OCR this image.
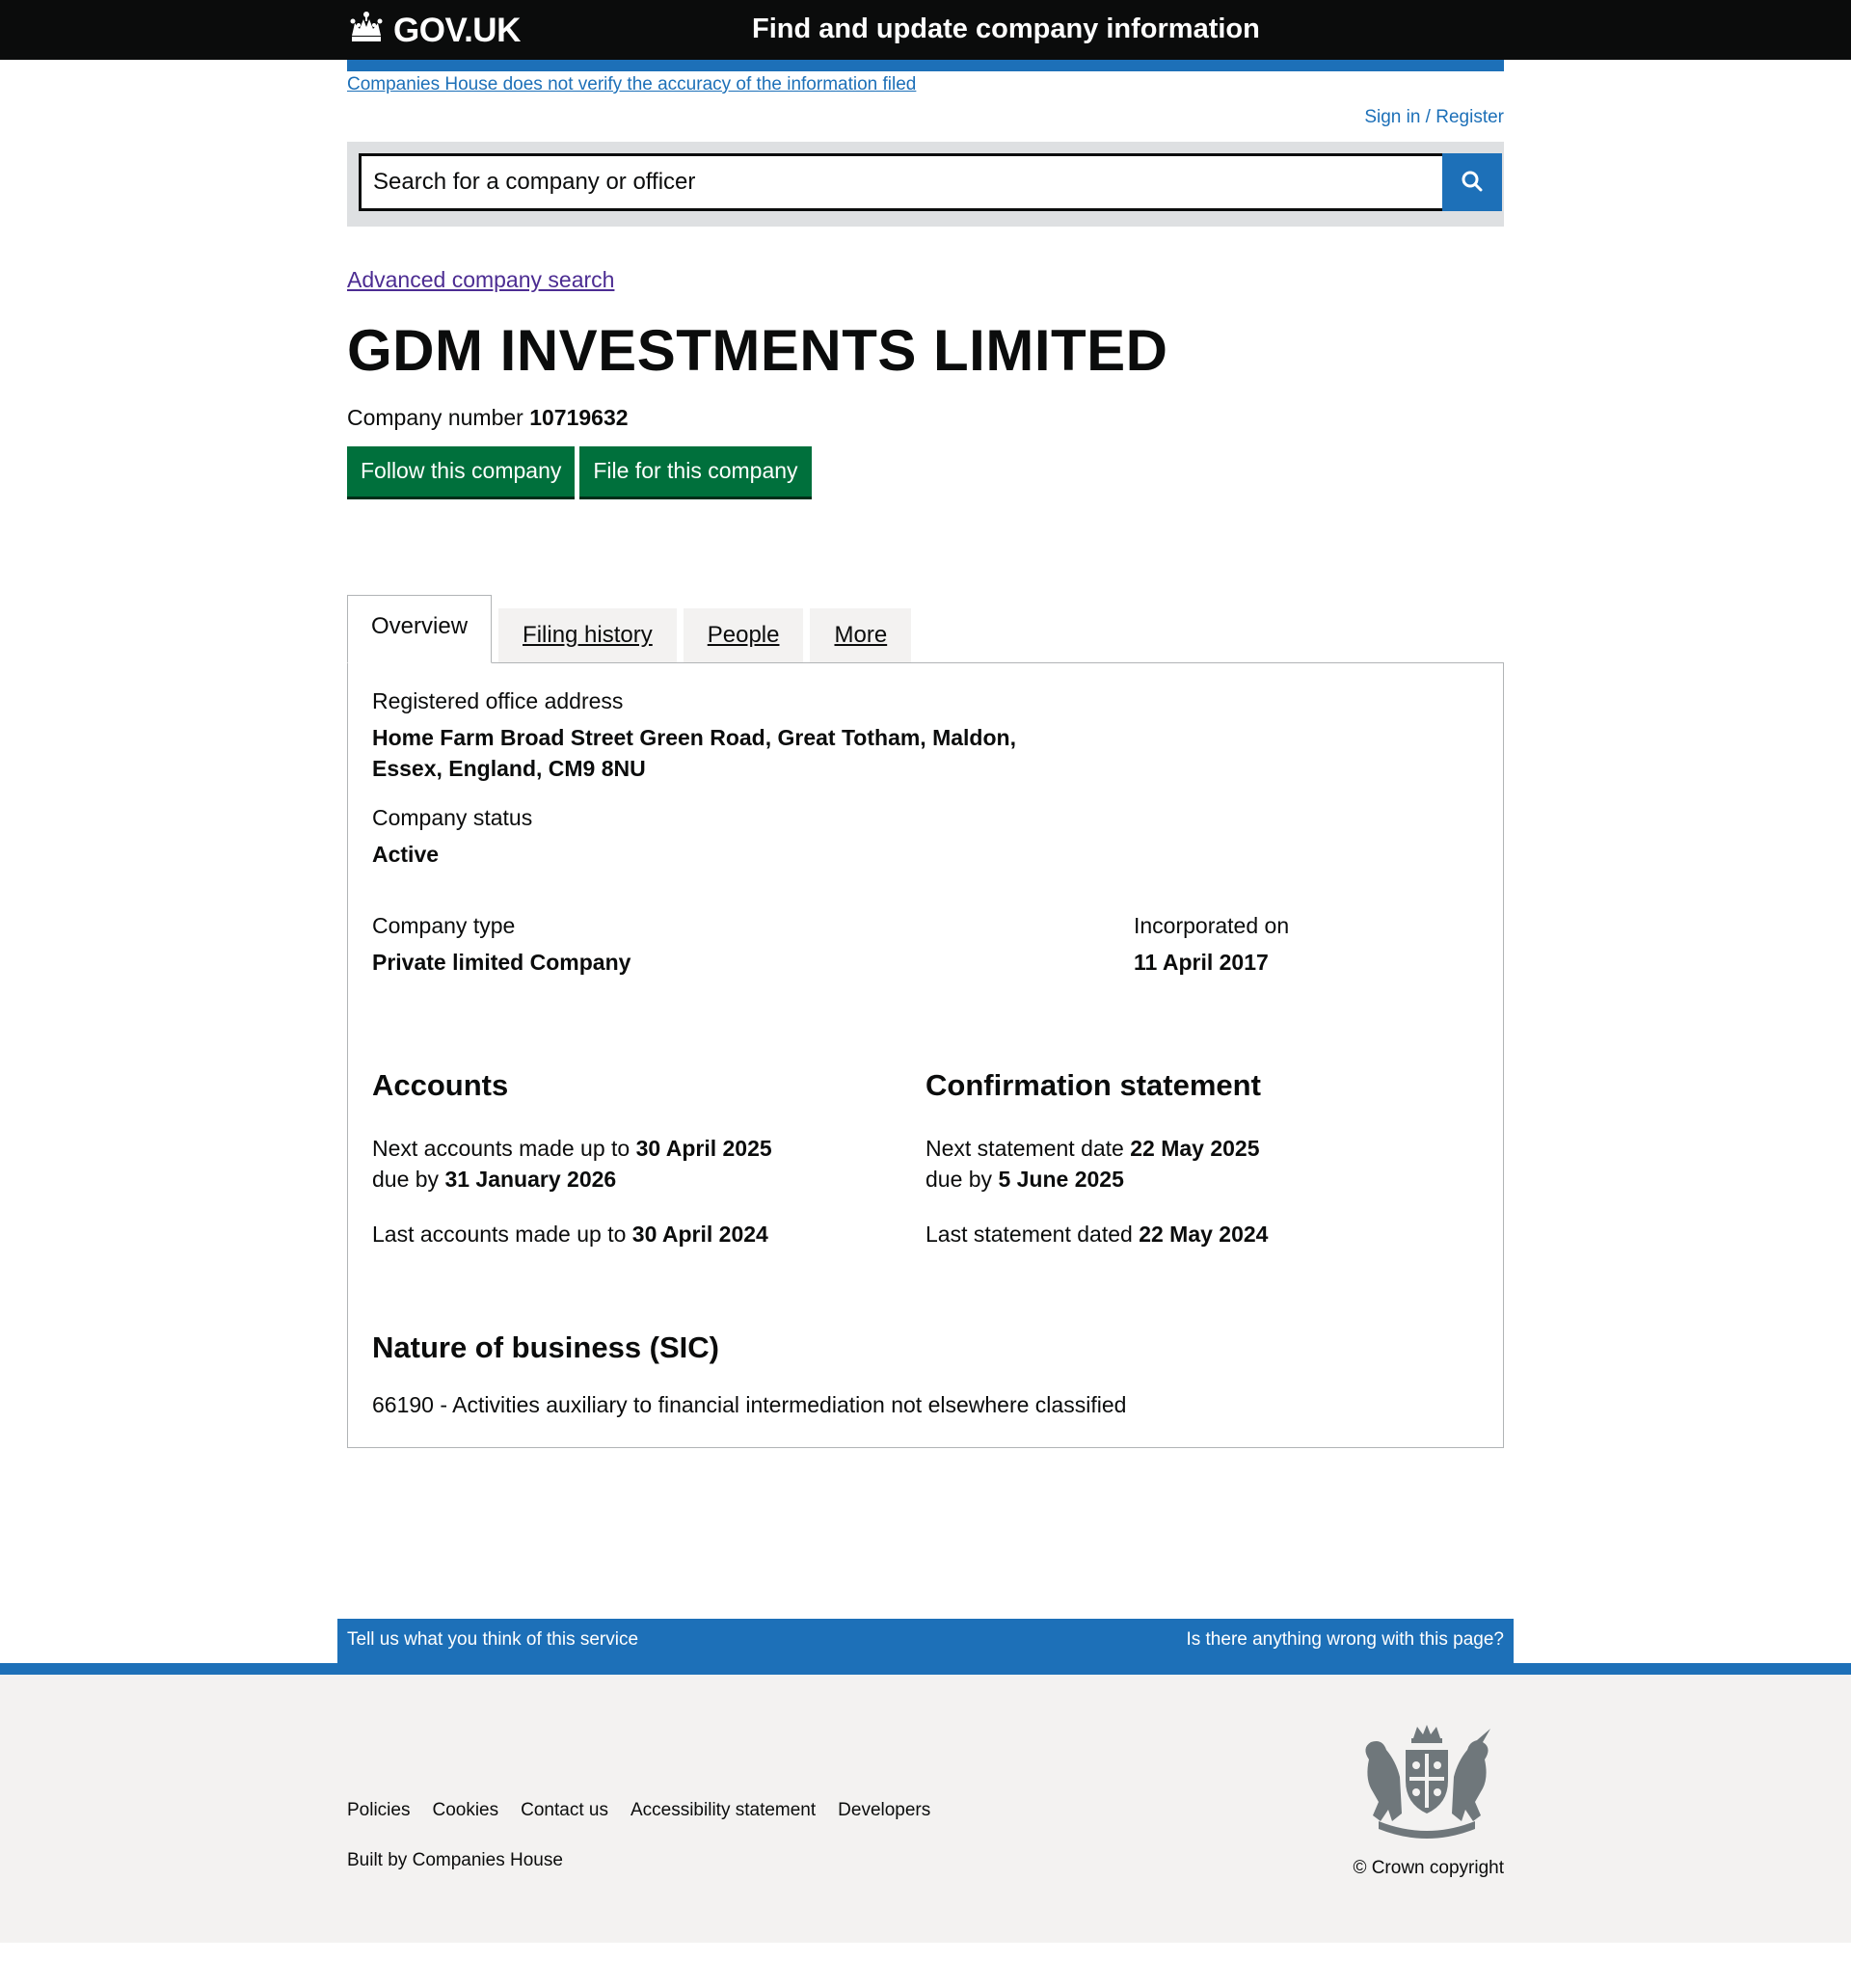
GOV.UK	Find and update company information
Companies House does not verify the accuracy of the information filed
Sign in / Register
Search for a company or officer
Advanced company search
GDM INVESTMENTS LIMITED
Company number 10719632
Follow this company	File for this company
Overview	Filing history	People	More
Registered office address
Home Farm Broad Street Green Road, Great Totham, Maldon,
Essex, England, CM9 8NU
Company status
Active
Company type
Private limited Company
Incorporated on
11 April 2017
Accounts

Next accounts made up to 30 April 2025
due by 31 January 2026

Last accounts made up to 30 April 2024

Confirmation statement

Next statement date 22 May 2025
due by 5 June 2025

Last statement dated 22 May 2024

Nature of business (SIC)
66190 - Activities auxiliary to financial intermediation not elsewhere classified
Tell us what you think of this service	Is there anything wrong with this page?
Policies Cookies Contact us Accessibility statement Developers
Built by Companies House	© Crown copyright
